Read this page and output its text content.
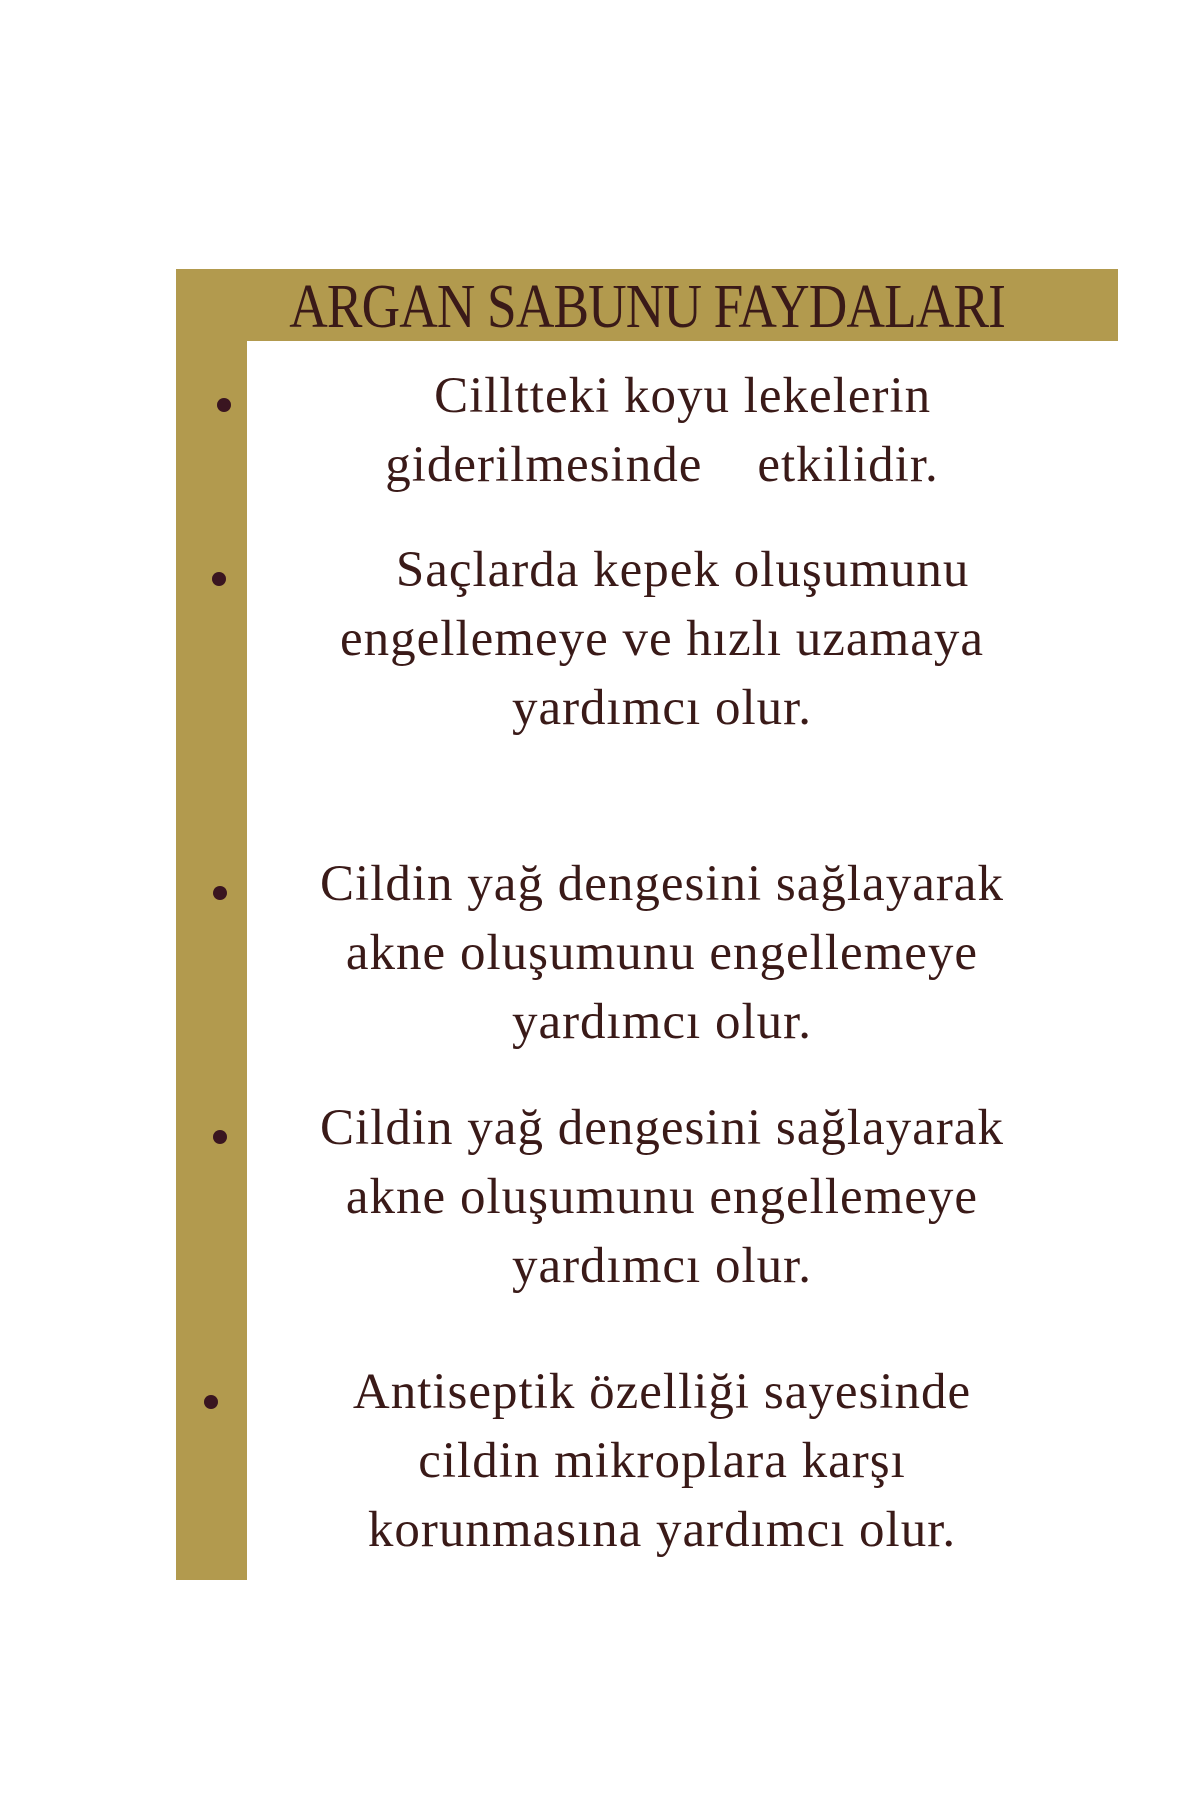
ARGAN SABUNU FAYDALARI
Cilltteki koyu lekelerin
giderilmesinde    etkilidir.
Saçlarda kepek oluşumunu
engellemeye ve hızlı uzamaya
yardımcı olur.
Cildin yağ dengesini sağlayarak
akne oluşumunu engellemeye
yardımcı olur.
Cildin yağ dengesini sağlayarak
akne oluşumunu engellemeye
yardımcı olur.
Antiseptik özelliği sayesinde
cildin mikroplara karşı
korunmasına yardımcı olur.
